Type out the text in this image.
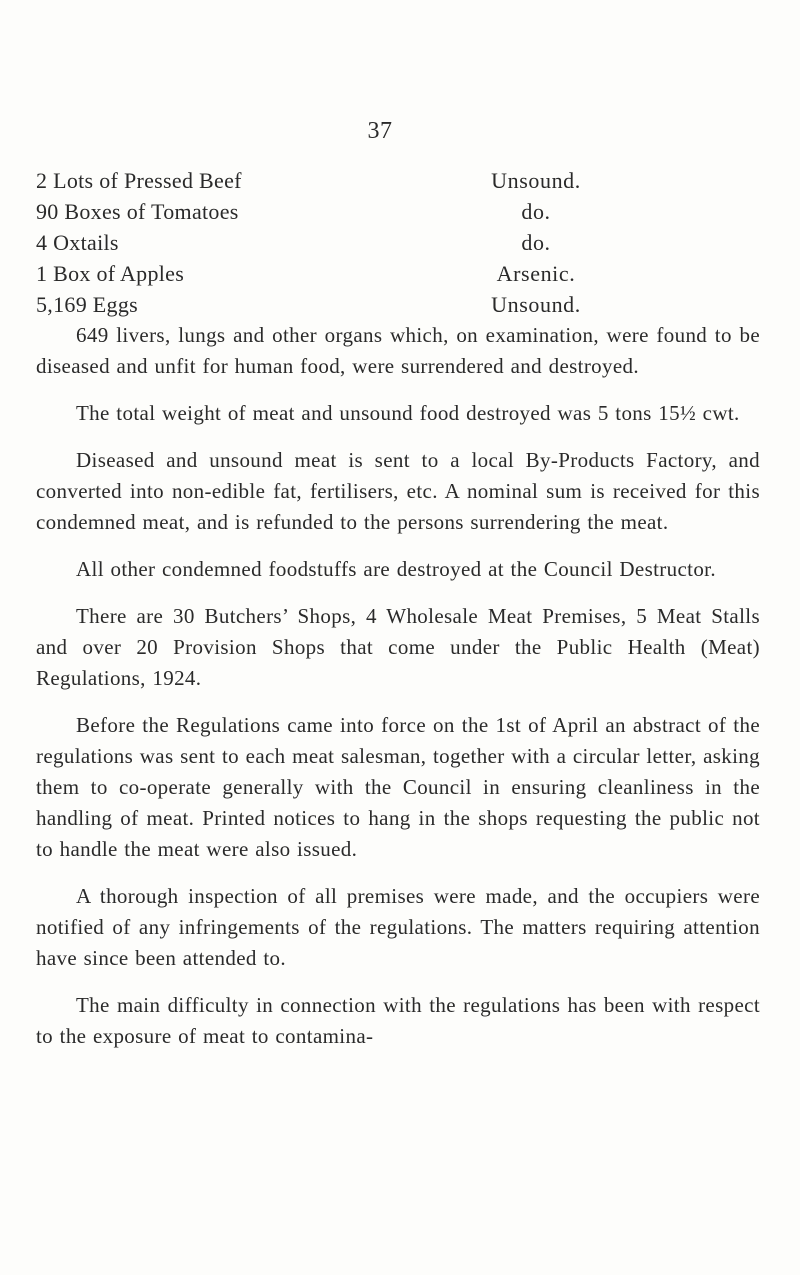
37
2 Lots of Pressed Beef	Unsound.
90 Boxes of Tomatoes	do.
4 Oxtails	do.
1 Box of Apples	Arsenic.
5,169 Eggs	Unsound.

649 livers, lungs and other organs which, on examination, were found to be diseased and unfit for human food, were surrendered and destroyed.

The total weight of meat and unsound food destroyed was 5 tons 15½ cwt.

Diseased and unsound meat is sent to a local By-Products Factory, and converted into non-edible fat, fertilisers, etc. A nominal sum is received for this condemned meat, and is refunded to the persons surrendering the meat.

All other condemned foodstuffs are destroyed at the Council Destructor.

There are 30 Butchers’ Shops, 4 Wholesale Meat Premises, 5 Meat Stalls and over 20 Provision Shops that come under the Public Health (Meat) Regulations, 1924.

Before the Regulations came into force on the 1st of April an abstract of the regulations was sent to each meat salesman, together with a circular letter, asking them to co-operate generally with the Council in ensuring cleanliness in the handling of meat. Printed notices to hang in the shops requesting the public not to handle the meat were also issued.

A thorough inspection of all premises were made, and the occupiers were notified of any infringements of the regulations. The matters requiring attention have since been attended to.

The main difficulty in connection with the regulations has been with respect to the exposure of meat to contamina-
